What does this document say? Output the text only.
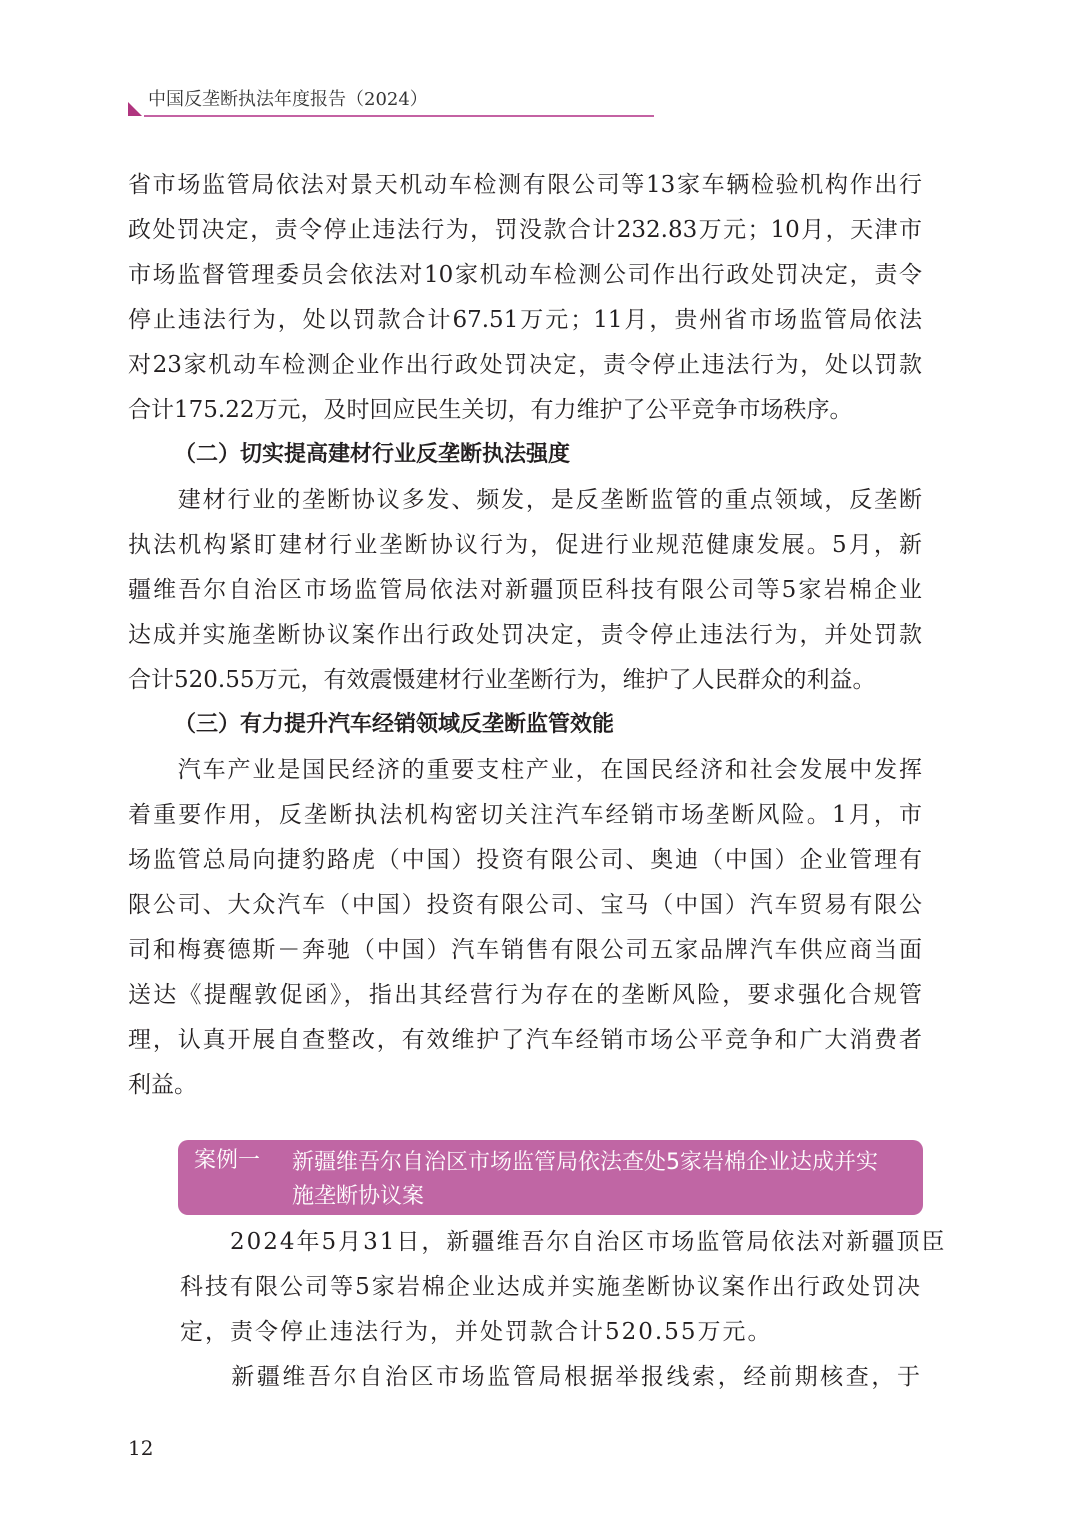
中国反垄断执法年度报告（2024）
省市场监管局依法对景天机动车检测有限公司等13家车辆检验机构作出行
政处罚决定，责令停止违法行为，罚没款合计232.83万元；10月，天津市
市场监督管理委员会依法对10家机动车检测公司作出行政处罚决定，责令
停止违法行为，处以罚款合计67.51万元；11月，贵州省市场监管局依法
对23家机动车检测企业作出行政处罚决定，责令停止违法行为，处以罚款
合计175.22万元，及时回应民生关切，有力维护了公平竞争市场秩序。
（二）切实提高建材行业反垄断执法强度
　　建材行业的垄断协议多发、频发，是反垄断监管的重点领域，反垄断
执法机构紧盯建材行业垄断协议行为，促进行业规范健康发展。5月，新
疆维吾尔自治区市场监管局依法对新疆顶臣科技有限公司等5家岩棉企业
达成并实施垄断协议案作出行政处罚决定，责令停止违法行为，并处罚款
合计520.55万元，有效震慑建材行业垄断行为，维护了人民群众的利益。
（三）有力提升汽车经销领域反垄断监管效能
　　汽车产业是国民经济的重要支柱产业，在国民经济和社会发展中发挥
着重要作用，反垄断执法机构密切关注汽车经销市场垄断风险。1月，市
场监管总局向捷豹路虎（中国）投资有限公司、奥迪（中国）企业管理有
限公司、大众汽车（中国）投资有限公司、宝马（中国）汽车贸易有限公
司和梅赛德斯－奔驰（中国）汽车销售有限公司五家品牌汽车供应商当面
送达《提醒敦促函》，指出其经营行为存在的垄断风险，要求强化合规管
理，认真开展自查整改，有效维护了汽车经销市场公平竞争和广大消费者
利益。
案例一 新疆维吾尔自治区市场监管局依法查处5家岩棉企业达成并实施垄断协议案
　　2024年5月31日，新疆维吾尔自治区市场监管局依法对新疆顶臣
科技有限公司等5家岩棉企业达成并实施垄断协议案作出行政处罚决
定，责令停止违法行为，并处罚款合计520.55万元。
　　新疆维吾尔自治区市场监管局根据举报线索，经前期核查，于
12
